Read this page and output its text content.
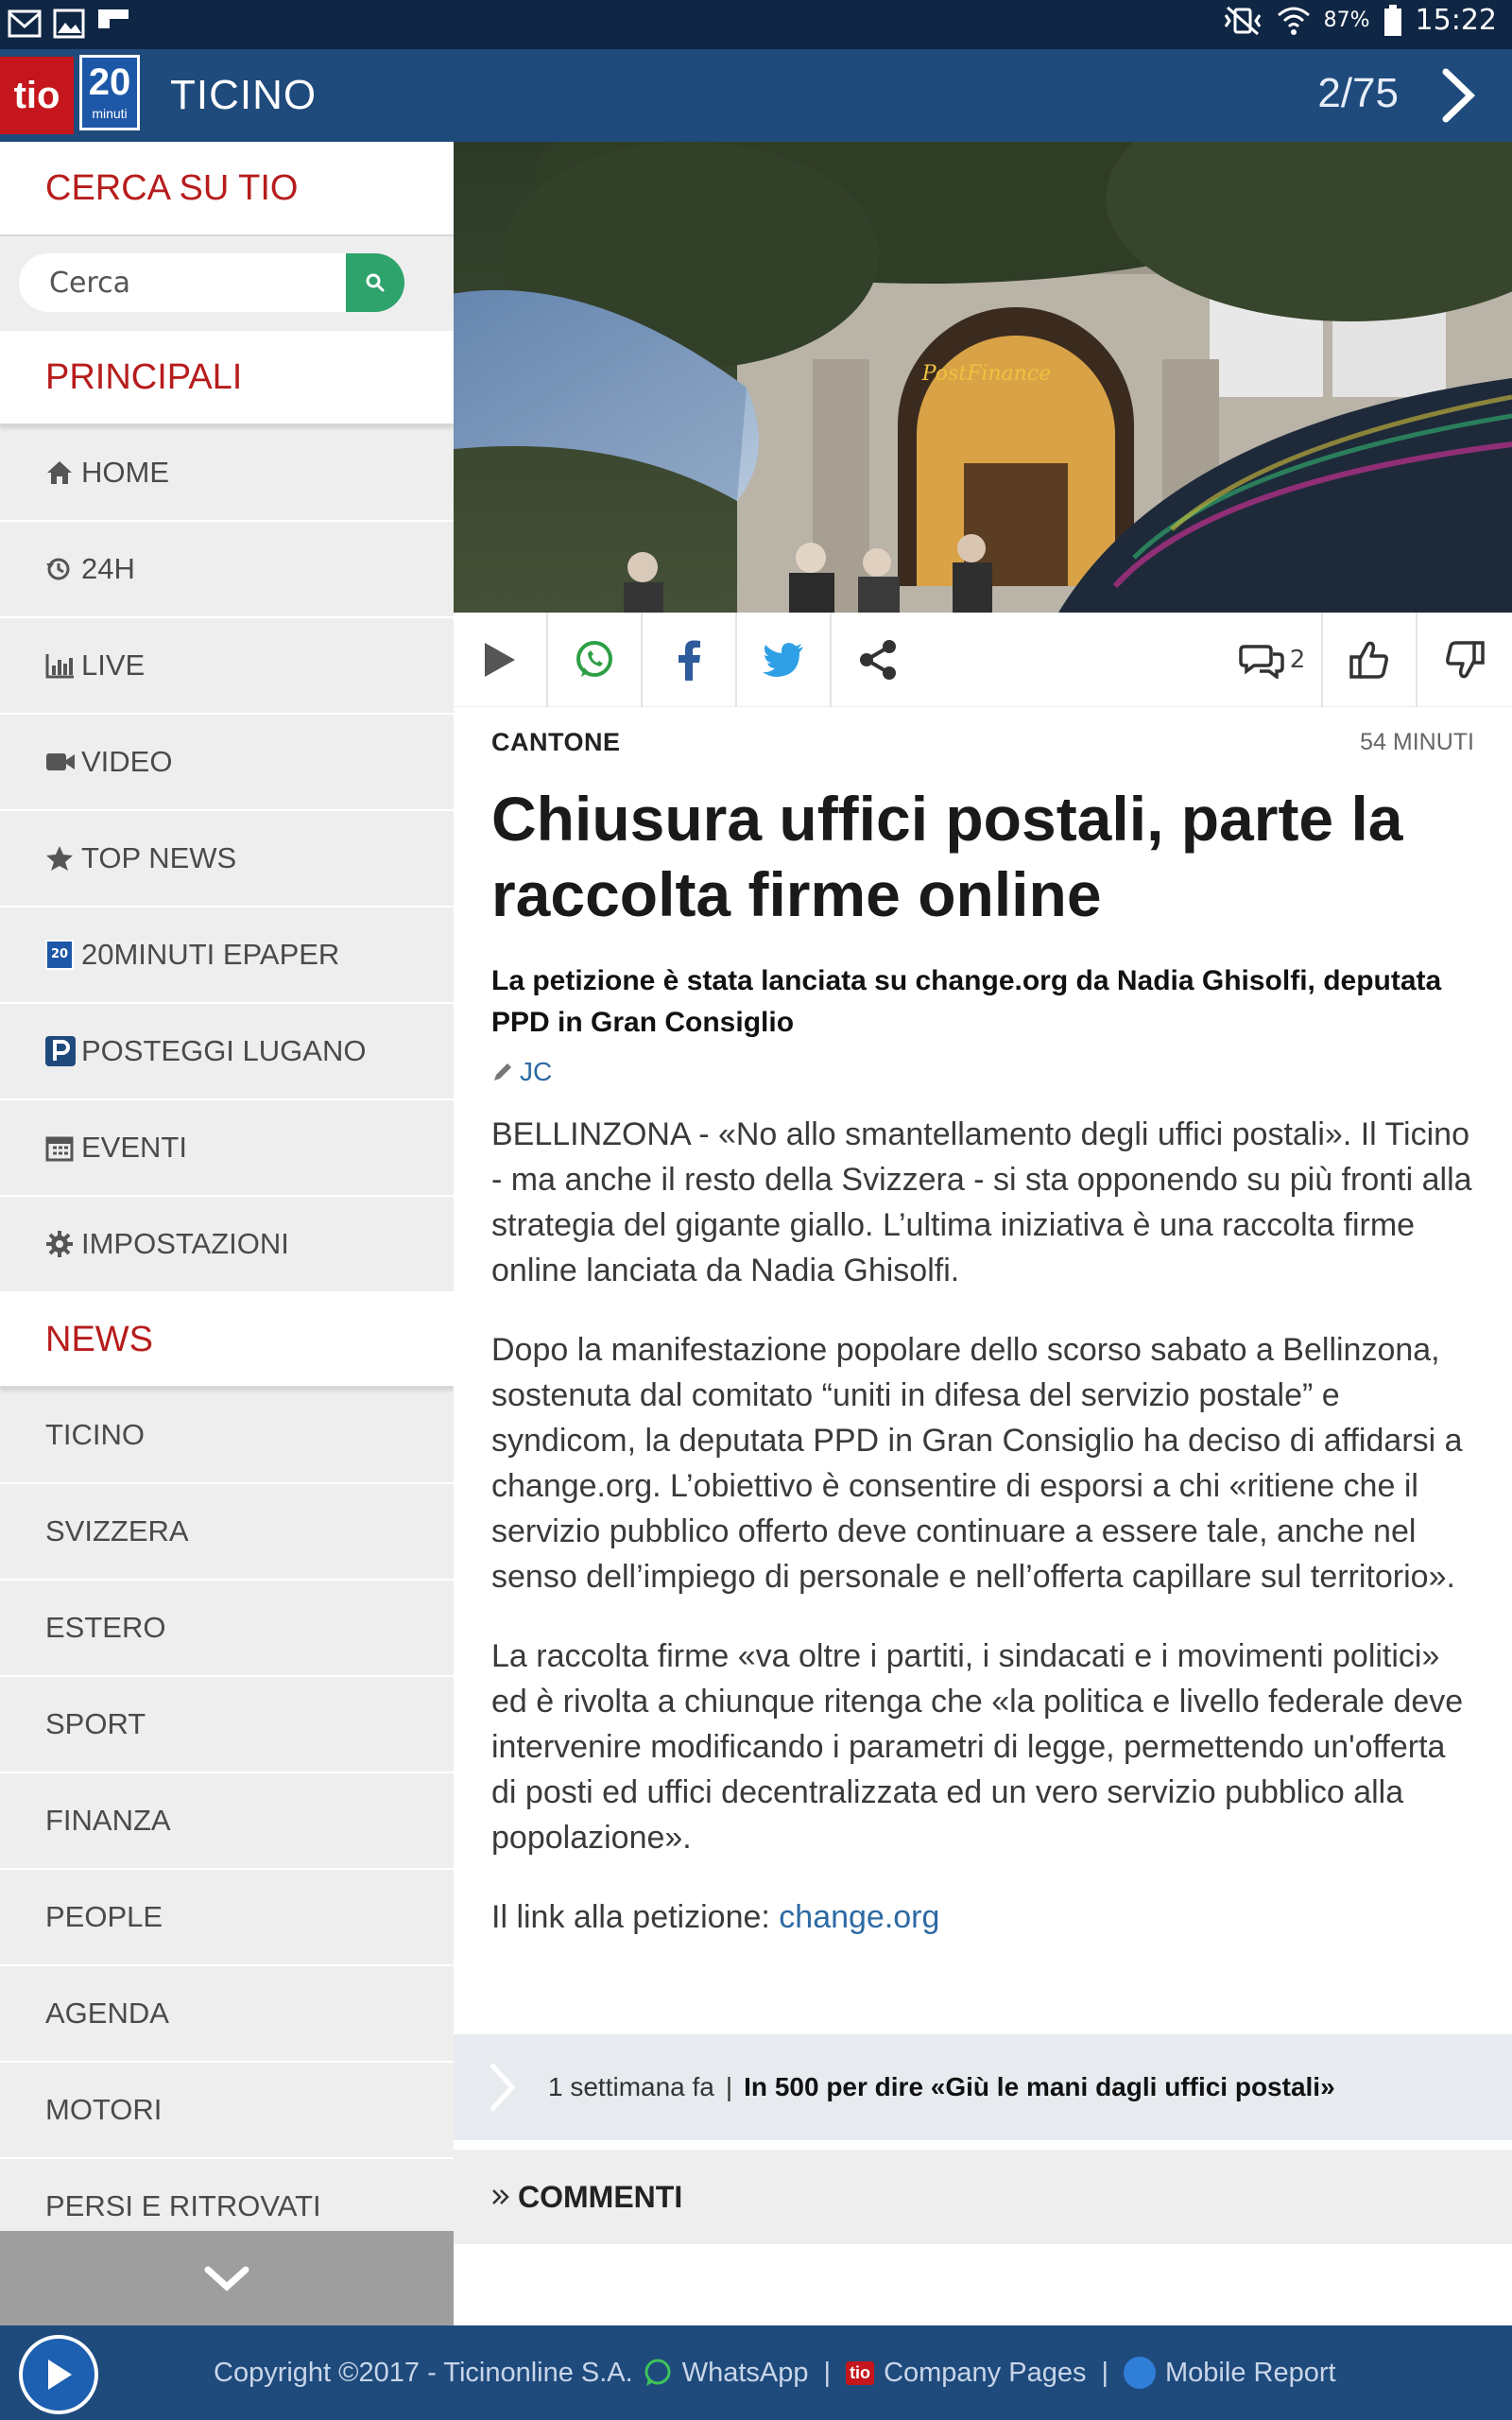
87% 15:22
tio 20
minuti TICINO	2/75
CERCA SU TIO
Cerca
PRINCIPALI
HOME
24H
LIVE
VIDEO
TOP NEWS
20 20MINUTI EPAPER
POSTEGGI LUGANO
EVENTI
IMPOSTAZIONI
NEWS
TICINO
SVIZZERA
ESTERO
SPORT
FINANZA
PEOPLE
AGENDA
MOTORI
PERSI E RITROVATI
PostFinance
2
CANTONE	54 MINUTI
Chiusura uffici postali, parte la raccolta firme online
La petizione è stata lanciata su change.org da Nadia Ghisolfi, deputata PPD in Gran Consiglio
JC

BELLINZONA - «No allo smantellamento degli uffici postali». Il Ticino - ma anche il resto della Svizzera - si sta opponendo su più fronti alla strategia del gigante giallo. L’ultima iniziativa è una raccolta firme online lanciata da Nadia Ghisolfi.

Dopo la manifestazione popolare dello scorso sabato a Bellinzona, sostenuta dal comitato “uniti in difesa del servizio postale” e syndicom, la deputata PPD in Gran Consiglio ha deciso di affidarsi a change.org. L’obiettivo è consentire di esporsi a chi «ritiene che il servizio pubblico offerto deve continuare a essere tale, anche nel senso dell’impiego di personale e nell’offerta capillare sul territorio».

La raccolta firme «va oltre i partiti, i sindacati e i movimenti politici» ed è rivolta a chiunque ritenga che «la politica e livello federale deve intervenire modificando i parametri di legge, permettendo un'offerta di posti ed uffici decentralizzata ed un vero servizio pubblico alla popolazione».

Il link alla petizione: change.org

1 settimana fa | In 500 per dire «Giù le mani dagli uffici postali»
COMMENTI
Copyright ©2017 - Ticinonline S.A. WhatsApp | tio Company Pages | Mobile Report
